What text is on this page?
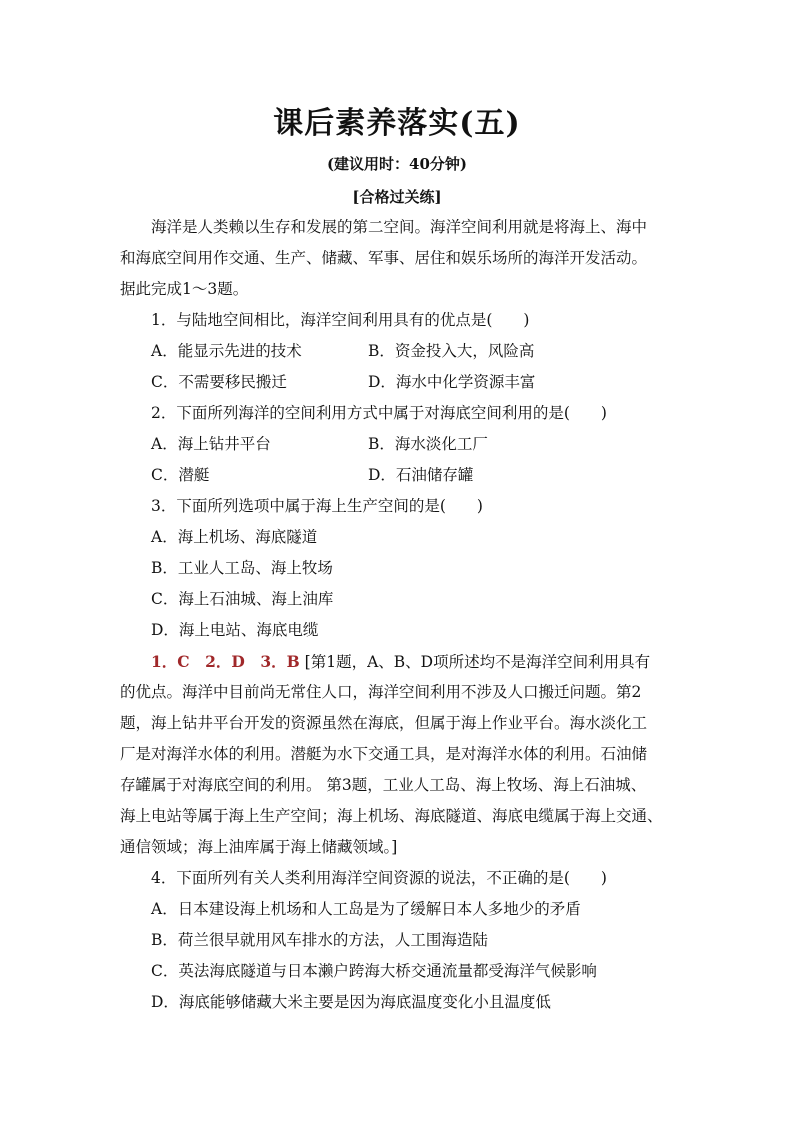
课后素养落实(五)
(建议用时：40分钟)
[合格过关练]
海洋是人类赖以生存和发展的第二空间。海洋空间利用就是将海上、海中
和海底空间用作交通、生产、储藏、军事、居住和娱乐场所的海洋开发活动。
据此完成1～3题。
1．与陆地空间相比，海洋空间利用具有的优点是(　　)
A．能显示先进的技术	B．资金投入大，风险高
C．不需要移民搬迁	D．海水中化学资源丰富
2．下面所列海洋的空间利用方式中属于对海底空间利用的是(　　)
A．海上钻井平台	B．海水淡化工厂
C．潜艇	D．石油储存罐
3．下面所列选项中属于海上生产空间的是(　　)
A．海上机场、海底隧道
B．工业人工岛、海上牧场
C．海上石油城、海上油库
D．海上电站、海底电缆
1．C　2．D　3．B [第1题，A、B、D项所述均不是海洋空间利用具有
的优点。海洋中目前尚无常住人口，海洋空间利用不涉及人口搬迁问题。第2
题，海上钻井平台开发的资源虽然在海底，但属于海上作业平台。海水淡化工
厂是对海洋水体的利用。潜艇为水下交通工具，是对海洋水体的利用。石油储
存罐属于对海底空间的利用。 第3题，工业人工岛、海上牧场、海上石油城、
海上电站等属于海上生产空间；海上机场、海底隧道、海底电缆属于海上交通、
通信领域；海上油库属于海上储藏领域。]
4．下面所列有关人类利用海洋空间资源的说法，不正确的是(　　)
A．日本建设海上机场和人工岛是为了缓解日本人多地少的矛盾
B．荷兰很早就用风车排水的方法，人工围海造陆
C．英法海底隧道与日本濑户跨海大桥交通流量都受海洋气候影响
D．海底能够储藏大米主要是因为海底温度变化小且温度低
